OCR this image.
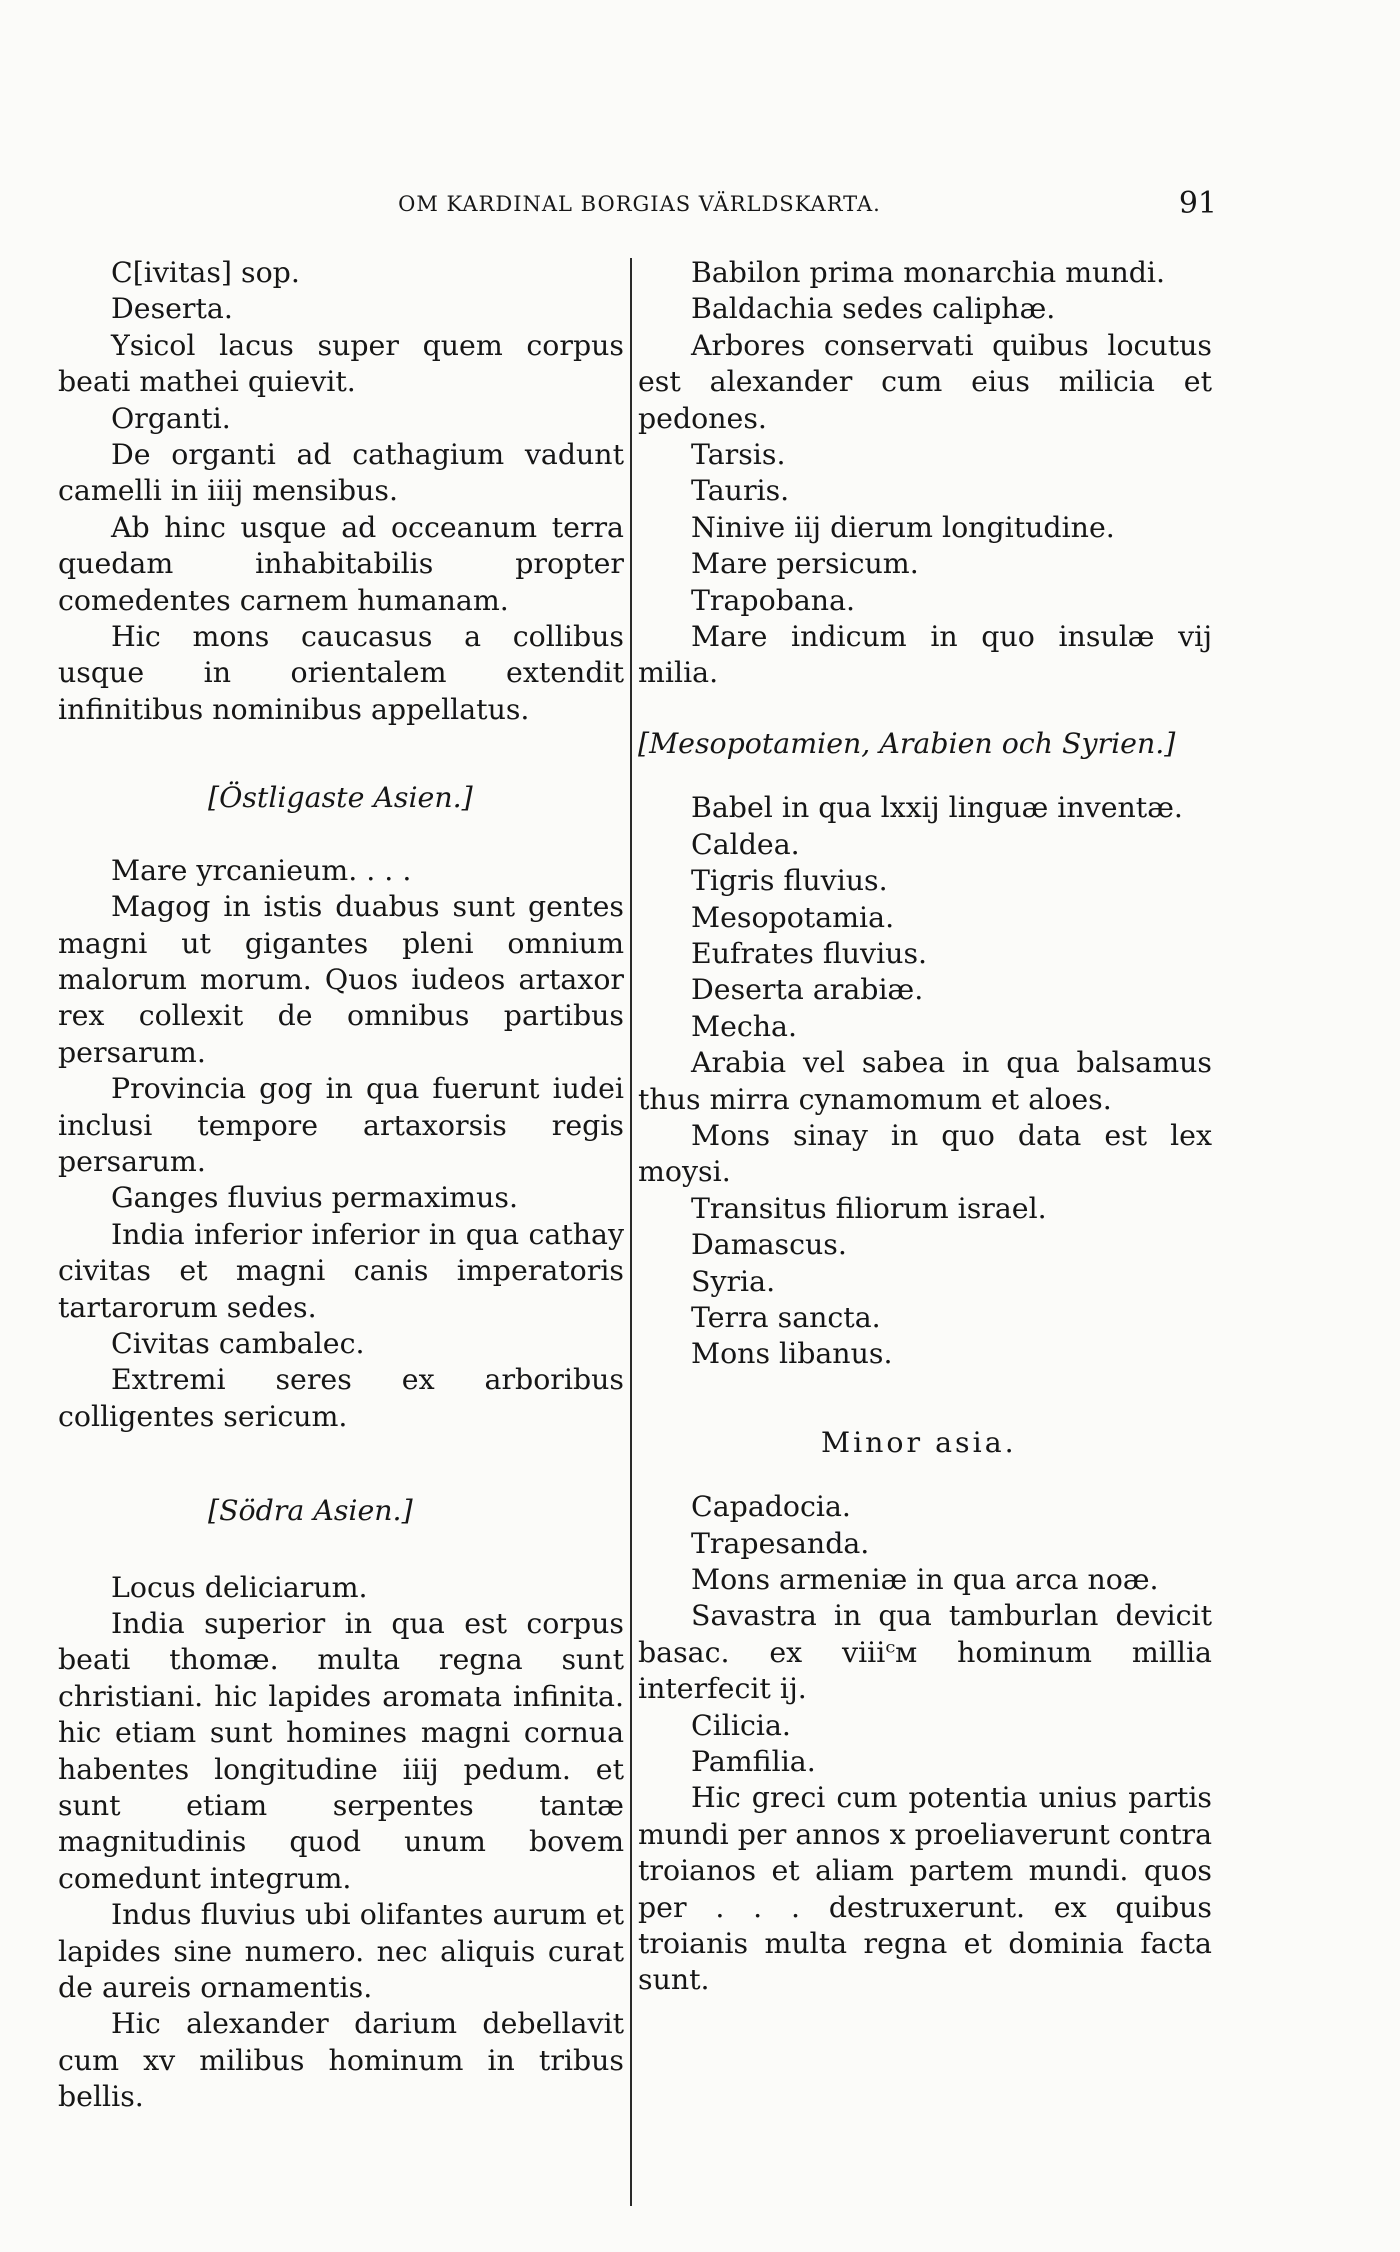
OM KARDINAL BORGIAS VÄRLDSKARTA.	91

C[ivitas] sop.

Deserta.

Ysicol lacus super quem corpus beati mathei quievit.

Organti.

De organti ad cathagium vadunt camelli in iiij mensibus.

Ab hinc usque ad occeanum terra quedam inhabitabilis propter comedentes carnem humanam.

Hic mons caucasus a collibus usque in orientalem extendit infinitibus nominibus appellatus.

[Östligaste Asien.]

Mare yrcanieum. . . .

Magog in istis duabus sunt gentes magni ut gigantes pleni omnium malorum morum. Quos iudeos artaxor rex collexit de omnibus partibus persarum.

Provincia gog in qua fuerunt iudei inclusi tempore artaxorsis regis persarum.

Ganges fluvius permaximus.

India inferior inferior in qua cathay civitas et magni canis imperatoris tartarorum sedes.

Civitas cambalec.

Extremi seres ex arboribus colligentes sericum.

[Södra Asien.]

Locus deliciarum.

India superior in qua est corpus beati thomæ. multa regna sunt christiani. hic lapides aromata infinita. hic etiam sunt homines magni cornua habentes longitudine iiij pedum. et sunt etiam serpentes tantæ magnitudinis quod unum bovem comedunt integrum.

Indus fluvius ubi olifantes aurum et lapides sine numero. nec aliquis curat de aureis ornamentis.

Hic alexander darium debellavit cum xv milibus hominum in tribus bellis.

Babilon prima monarchia mundi.

Baldachia sedes caliphæ.

Arbores conservati quibus locutus est alexander cum eius milicia et pedones.

Tarsis.

Tauris.

Ninive iij dierum longitudine.

Mare persicum.

Trapobana.

Mare indicum in quo insulæ vij milia.

[Mesopotamien, Arabien och Syrien.]

Babel in qua lxxij linguæ inventæ.

Caldea.

Tigris fluvius.

Mesopotamia.

Eufrates fluvius.

Deserta arabiæ.

Mecha.

Arabia vel sabea in qua balsamus thus mirra cynamomum et aloes.

Mons sinay in quo data est lex moysi.

Transitus filiorum israel.

Damascus.

Syria.

Terra sancta.

Mons libanus.

Minor asia.

Capadocia.

Trapesanda.

Mons armeniæ in qua arca noæ.

Savastra in qua tamburlan devicit basac. ex viiiᶜᴍ hominum millia interfecit ij.

Cilicia.

Pamfilia.

Hic greci cum potentia unius partis mundi per annos x proeliaverunt contra troianos et aliam partem mundi. quos per . . . destruxerunt. ex quibus troianis multa regna et dominia facta sunt.
